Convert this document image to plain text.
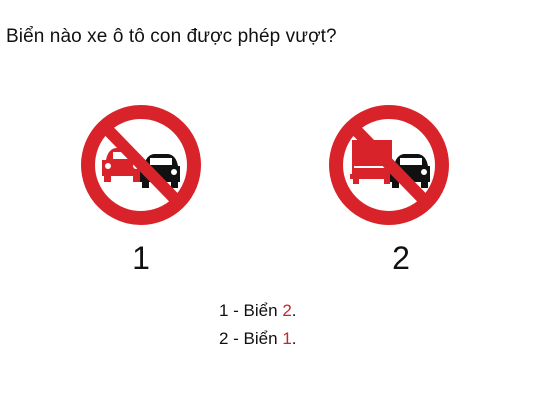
Biển nào xe ô tô con được phép vượt?
1	2
1 - Biển 2.
2 - Biển 1.
